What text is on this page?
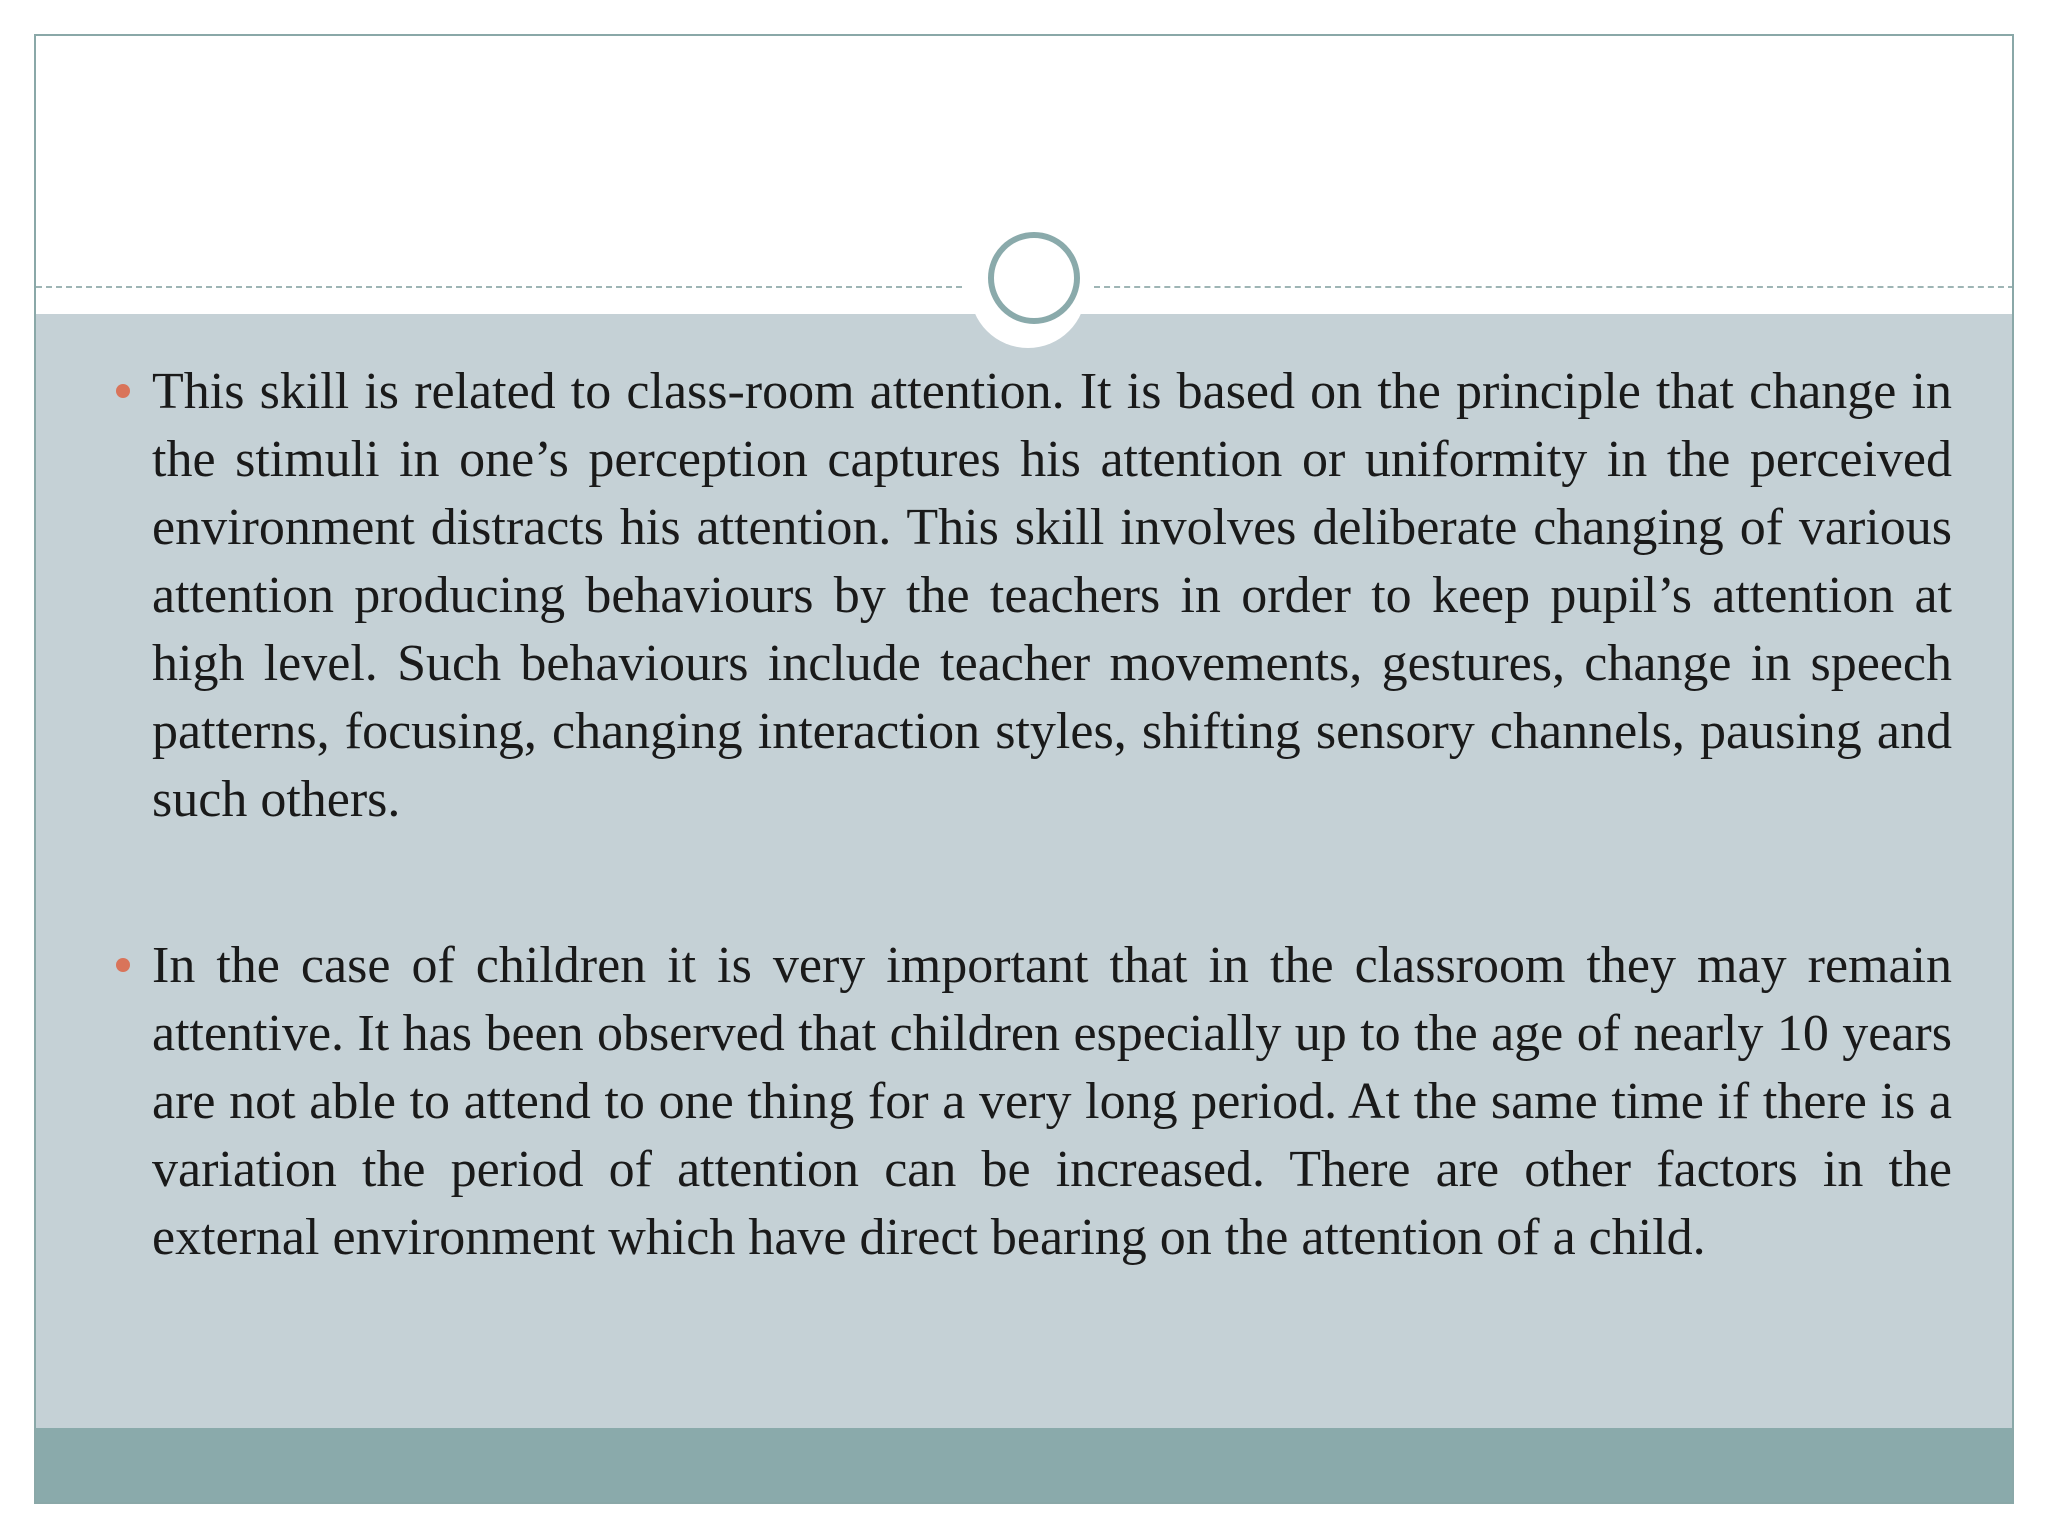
This skill is related to class-room attention. It is based on the principle that change in the stimuli in one’s perception captures his attention or uniformity in the perceived environment distracts his attention. This skill involves deliberate changing of various attention producing behaviours by the teachers in order to keep pupil’s attention at high level. Such behaviours include teacher movements, gestures, change in speech patterns, focusing, changing interaction styles, shifting sensory channels, pausing and such others.
In the case of children it is very important that in the classroom they may remain attentive. It has been observed that children especially up to the age of nearly 10 years are not able to attend to one thing for a very long period. At the same time if there is a variation the period of attention can be increased. There are other factors in the external environment which have direct bearing on the attention of a child.
